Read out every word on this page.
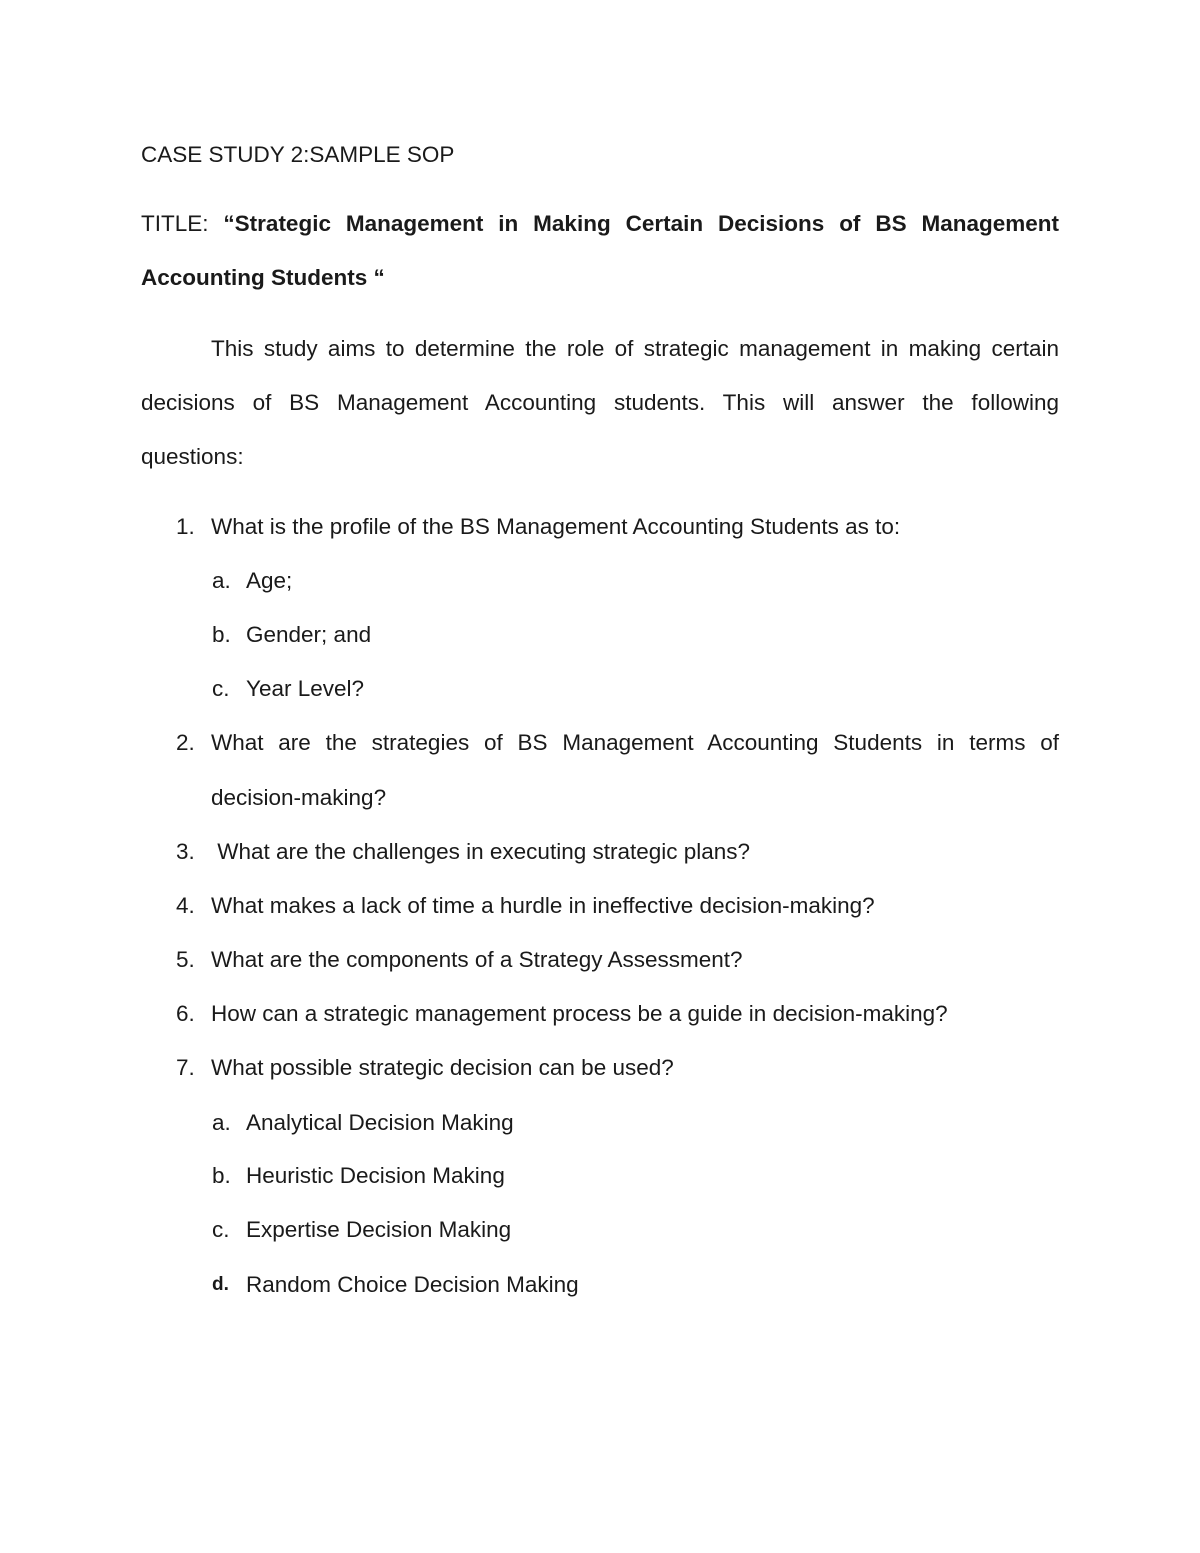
CASE STUDY 2:SAMPLE SOP
TITLE: “Strategic Management in Making Certain Decisions of BS Management
Accounting Students “
This study aims to determine the role of strategic management in making certain
decisions of BS Management Accounting students. This will answer the following
questions:
1. What is the profile of the BS Management Accounting Students as to:
a. Age;
b. Gender; and
c. Year Level?
2. What are the strategies of BS Management Accounting Students in terms of
decision-making?
3. What are the challenges in executing strategic plans?
4. What makes a lack of time a hurdle in ineffective decision-making?
5. What are the components of a Strategy Assessment?
6. How can a strategic management process be a guide in decision-making?
7. What possible strategic decision can be used?
a. Analytical Decision Making
b. Heuristic Decision Making
c. Expertise Decision Making
d. Random Choice Decision Making
